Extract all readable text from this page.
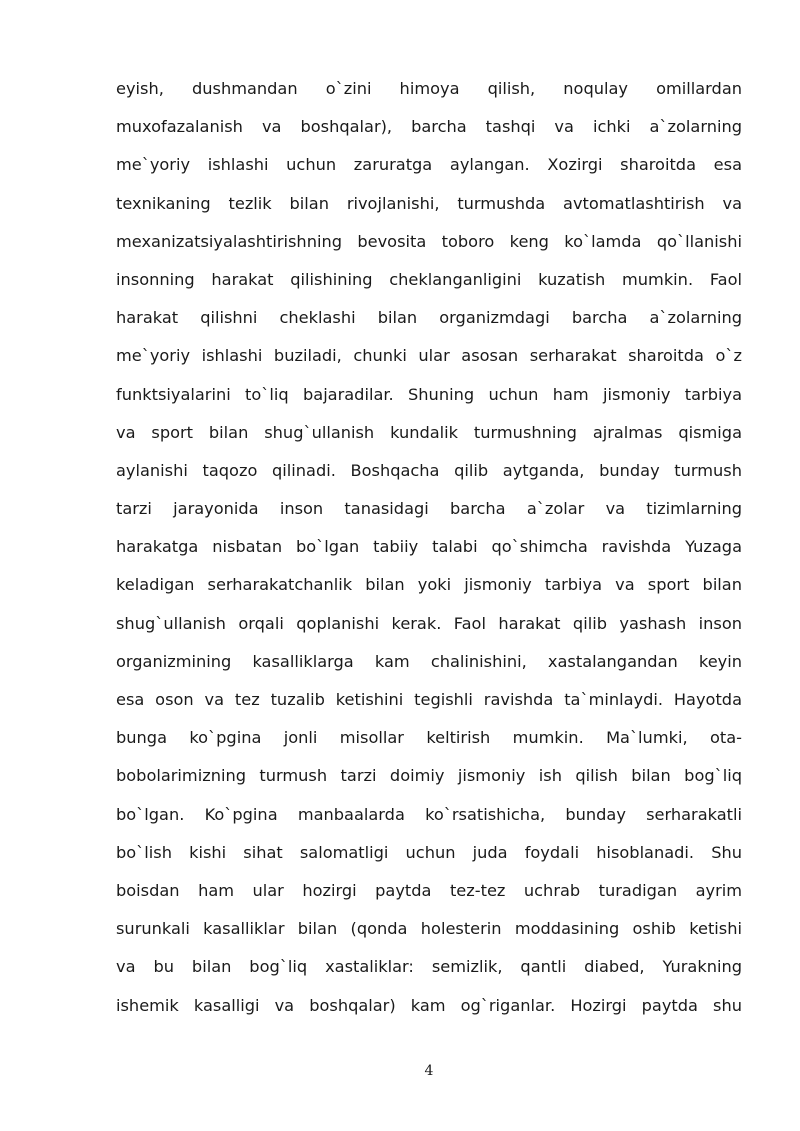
eyish, dushmandan o`zini himoya qilish, noqulay omillardan
muxofazalanish va boshqalar), barcha tashqi va ichki a`zolarning
me`yoriy ishlashi uchun zaruratga aylangan. Xozirgi sharoitda esa
texnikaning tezlik bilan rivojlanishi, turmushda avtomatlashtirish va
mexanizatsiyalashtirishning bevosita toboro keng ko`lamda qo`llanishi
insonning harakat qilishining cheklanganligini kuzatish mumkin. Faol
harakat qilishni cheklashi bilan organizmdagi barcha a`zolarning
me`yoriy ishlashi buziladi, chunki ular asosan serharakat sharoitda o`z
funktsiyalarini to`liq bajaradilar. Shuning uchun ham jismoniy tarbiya
va sport bilan shug`ullanish kundalik turmushning ajralmas qismiga
aylanishi taqozo qilinadi. Boshqacha qilib aytganda, bunday turmush
tarzi jarayonida inson tanasidagi barcha a`zolar va tizimlarning
harakatga nisbatan bo`lgan tabiiy talabi qo`shimcha ravishda Yuzaga
keladigan serharakatchanlik bilan yoki jismoniy tarbiya va sport bilan
shug`ullanish orqali qoplanishi kerak. Faol harakat qilib yashash inson
organizmining kasalliklarga kam chalinishini, xastalangandan keyin
esa oson va tez tuzalib ketishini tegishli ravishda ta`minlaydi. Hayotda
bunga ko`pgina jonli misollar keltirish mumkin. Ma`lumki, ota-
bobolarimizning turmush tarzi doimiy jismoniy ish qilish bilan bog`liq
bo`lgan. Ko`pgina manbaalarda ko`rsatishicha, bunday serharakatli
bo`lish kishi sihat salomatligi uchun juda foydali hisoblanadi. Shu
boisdan ham ular hozirgi paytda tez-tez uchrab turadigan ayrim
surunkali kasalliklar bilan (qonda holesterin moddasining oshib ketishi
va bu bilan bog`liq xastaliklar: semizlik, qantli diabed, Yurakning
ishemik kasalligi va boshqalar) kam og`riganlar. Hozirgi paytda shu
4
